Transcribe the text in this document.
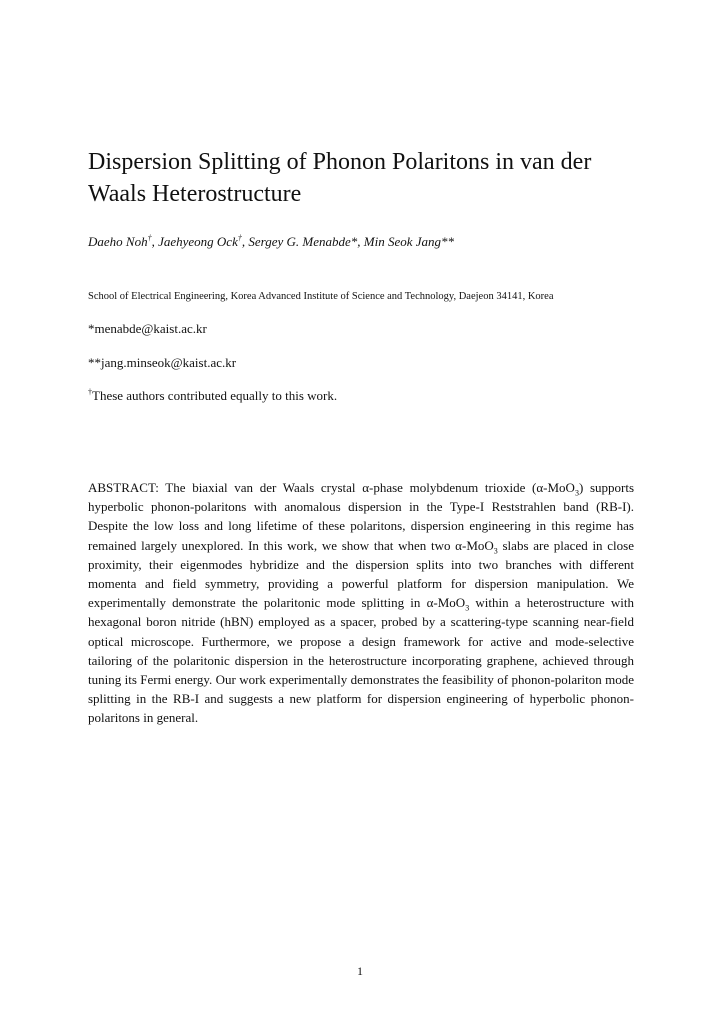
Dispersion Splitting of Phonon Polaritons in van der Waals Heterostructure
Daeho Noh†, Jaehyeong Ock†, Sergey G. Menabde*, Min Seok Jang**
School of Electrical Engineering, Korea Advanced Institute of Science and Technology, Daejeon 34141, Korea
*menabde@kaist.ac.kr
**jang.minseok@kaist.ac.kr
†These authors contributed equally to this work.
ABSTRACT: The biaxial van der Waals crystal α-phase molybdenum trioxide (α-MoO$_3$) supports hyperbolic phonon-polaritons with anomalous dispersion in the Type-I Reststrahlen band (RB-I). Despite the low loss and long lifetime of these polaritons, dispersion engineering in this regime has remained largely unexplored. In this work, we show that when two α-MoO$_3$ slabs are placed in close proximity, their eigenmodes hybridize and the dispersion splits into two branches with different momenta and field symmetry, providing a powerful platform for dispersion manipulation. We experimentally demonstrate the polaritonic mode splitting in α-MoO$_3$ within a heterostructure with hexagonal boron nitride (hBN) employed as a spacer, probed by a scattering-type scanning near-field optical microscope. Furthermore, we propose a design framework for active and mode-selective tailoring of the polaritonic dispersion in the heterostructure incorporating graphene, achieved through tuning its Fermi energy. Our work experimentally demonstrates the feasibility of phonon-polariton mode splitting in the RB-I and suggests a new platform for dispersion engineering of hyperbolic phonon-polaritons in general.
1
